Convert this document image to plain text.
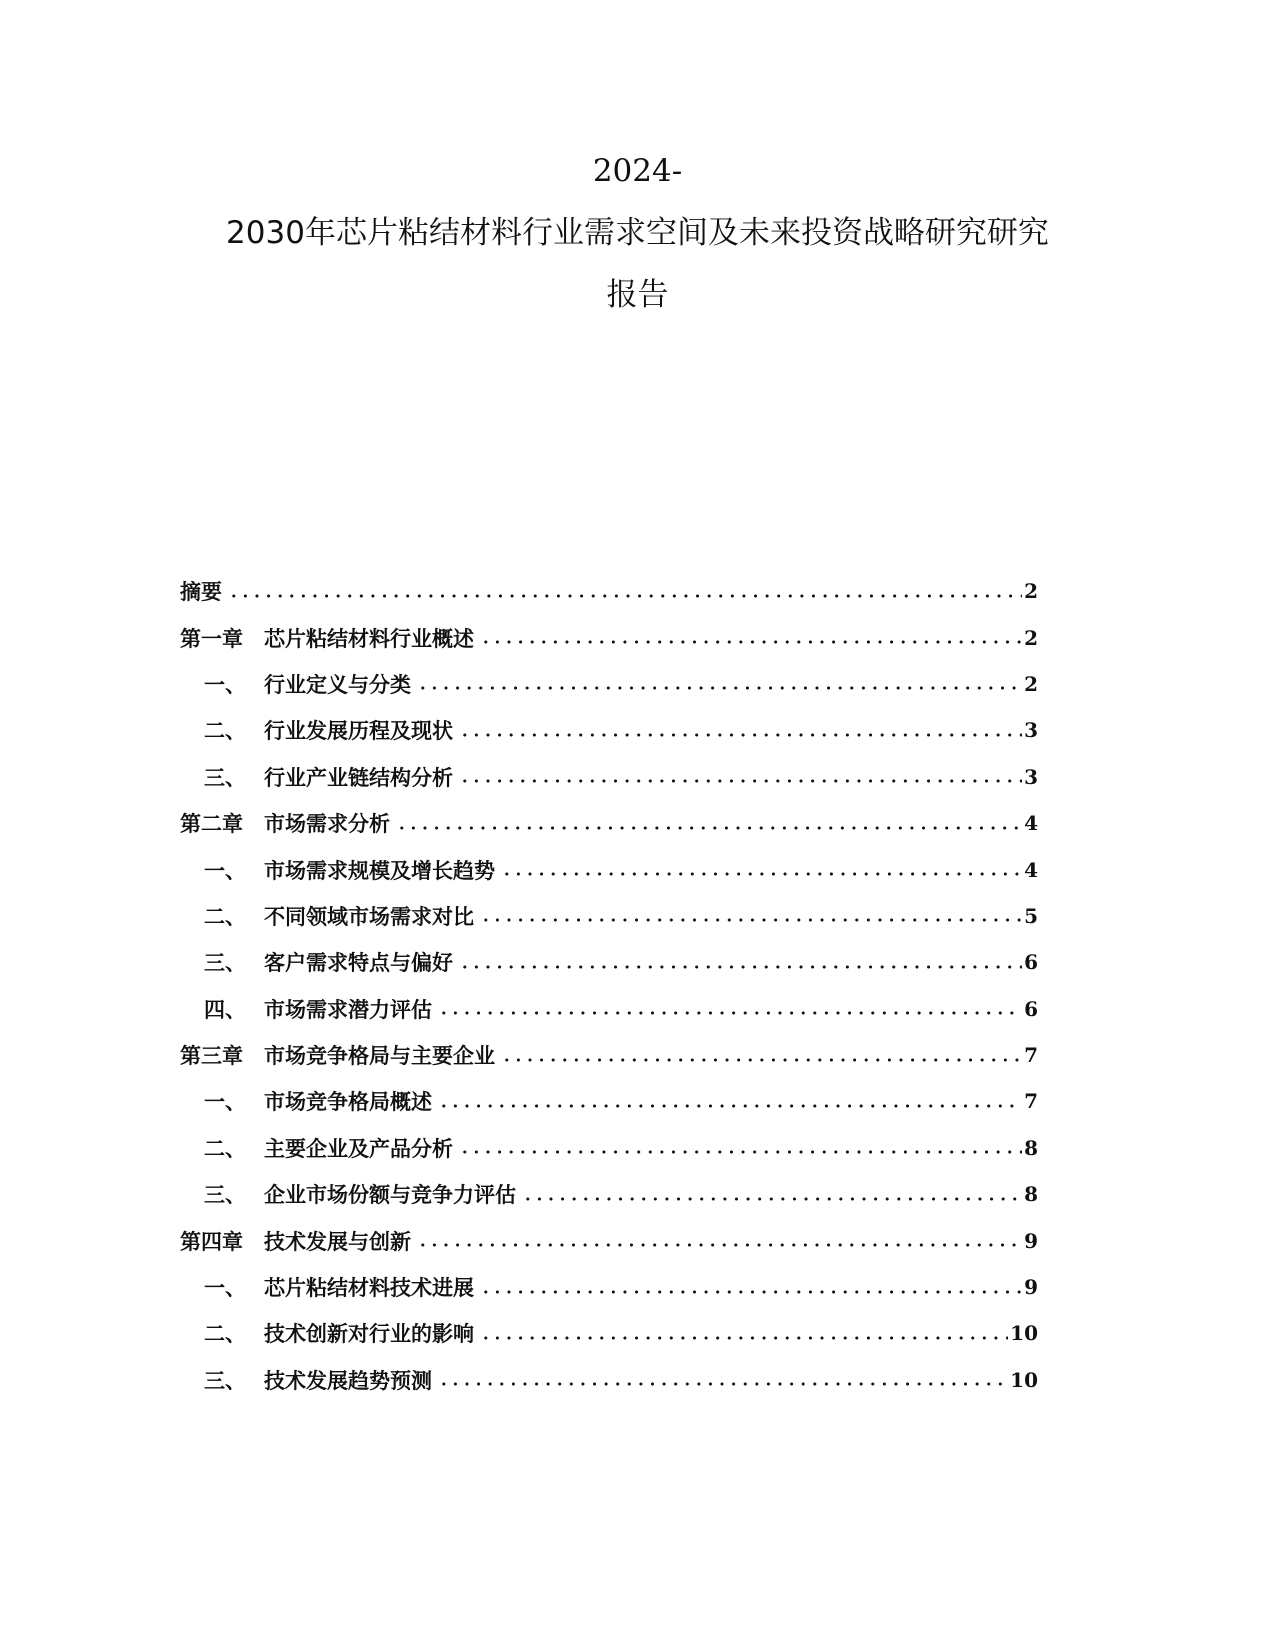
2024-
2030年芯片粘结材料行业需求空间及未来投资战略研究研究
报告
摘要	2
第一章	芯片粘结材料行业概述	2
一、 行业定义与分类	2
二、 行业发展历程及现状	3
三、 行业产业链结构分析	3
第二章	市场需求分析	4
一、 市场需求规模及增长趋势	4
二、 不同领域市场需求对比	5
三、 客户需求特点与偏好	6
四、 市场需求潜力评估	6
第三章	市场竞争格局与主要企业	7
一、 市场竞争格局概述	7
二、 主要企业及产品分析	8
三、 企业市场份额与竞争力评估	8
第四章	技术发展与创新	9
一、 芯片粘结材料技术进展	9
二、 技术创新对行业的影响	10
三、 技术发展趋势预测	10
